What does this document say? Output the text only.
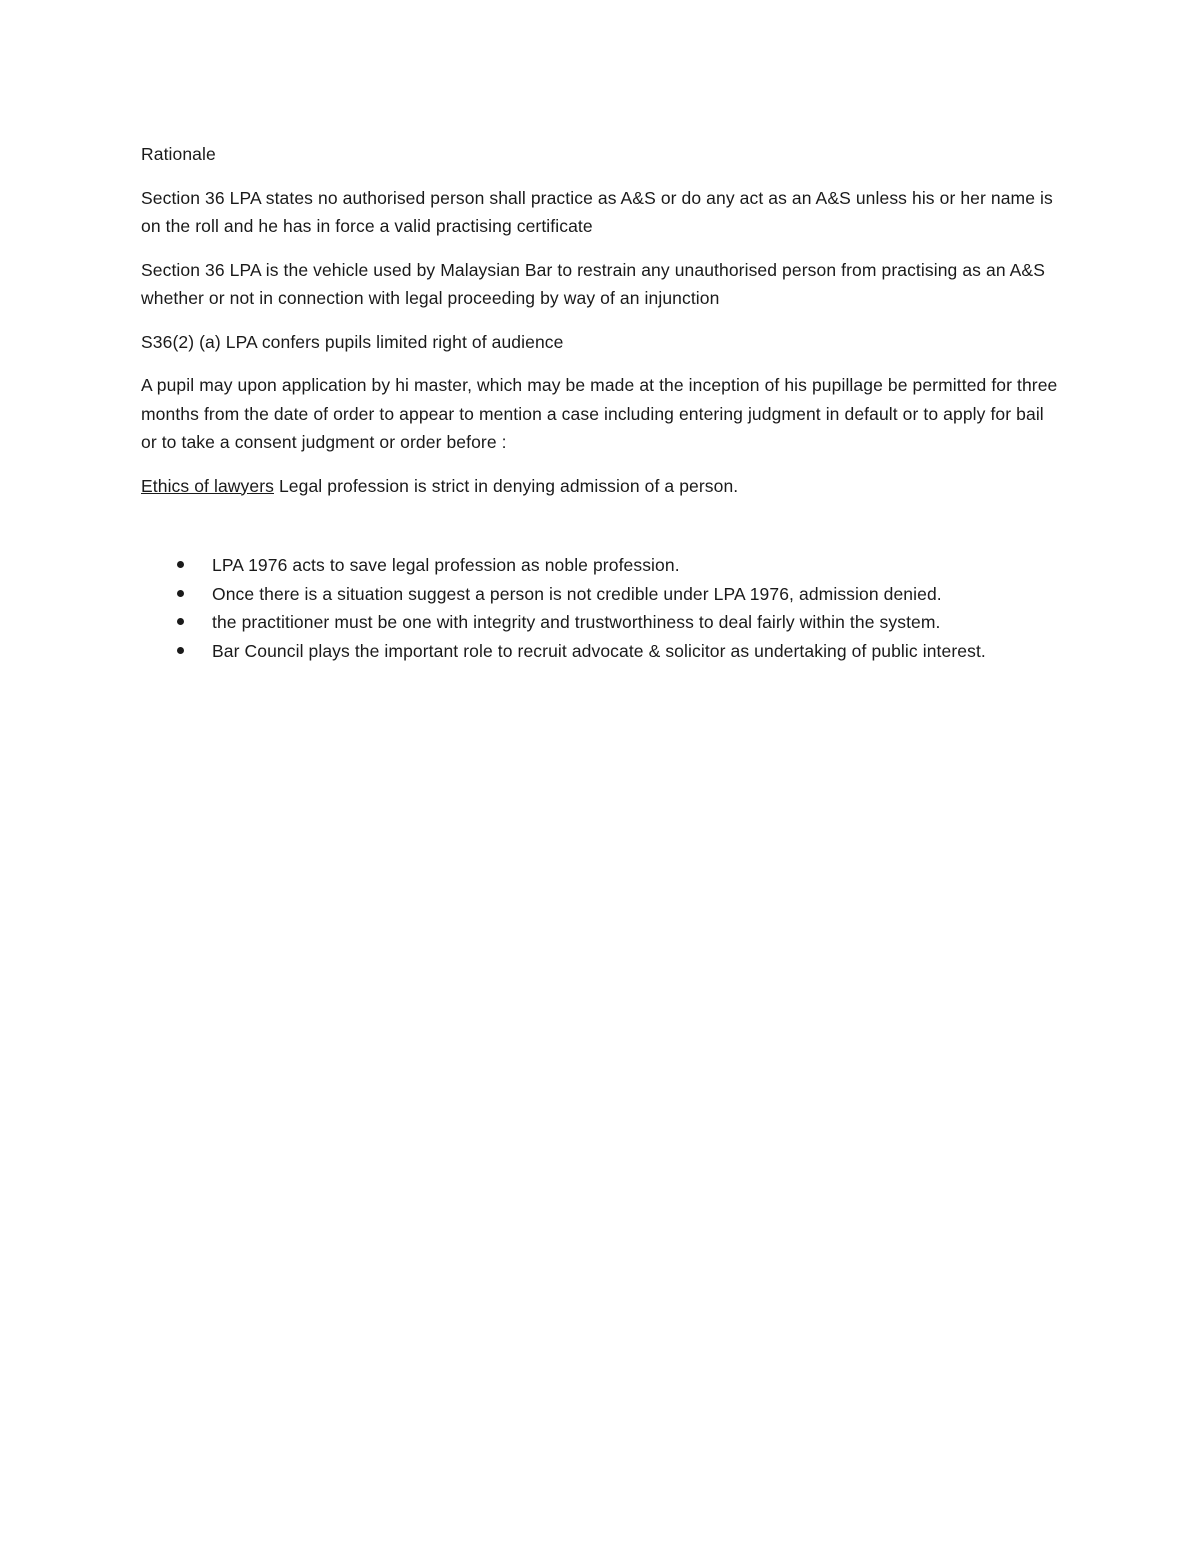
Rationale

Section 36 LPA states no authorised person shall practice as A&S or do any act as an A&S unless his or her name is on the roll and he has in force a valid practising certificate

Section 36 LPA is the vehicle used by Malaysian Bar to restrain any unauthorised person from practising as an A&S whether or not in connection with legal proceeding by way of an injunction

S36(2) (a) LPA confers pupils limited right of audience

A pupil may upon application by hi master, which may be made at the inception of his pupillage be permitted for three months from the date of order to appear to mention a case including entering judgment in default or to apply for bail or to take a consent judgment or order before :

Ethics of lawyers Legal profession is strict in denying admission of a person.

LPA 1976 acts to save legal profession as noble profession.
Once there is a situation suggest a person is not credible under LPA 1976, admission denied.
the practitioner must be one with integrity and trustworthiness to deal fairly within the system.
Bar Council plays the important role to recruit advocate & solicitor as undertaking of public interest.
